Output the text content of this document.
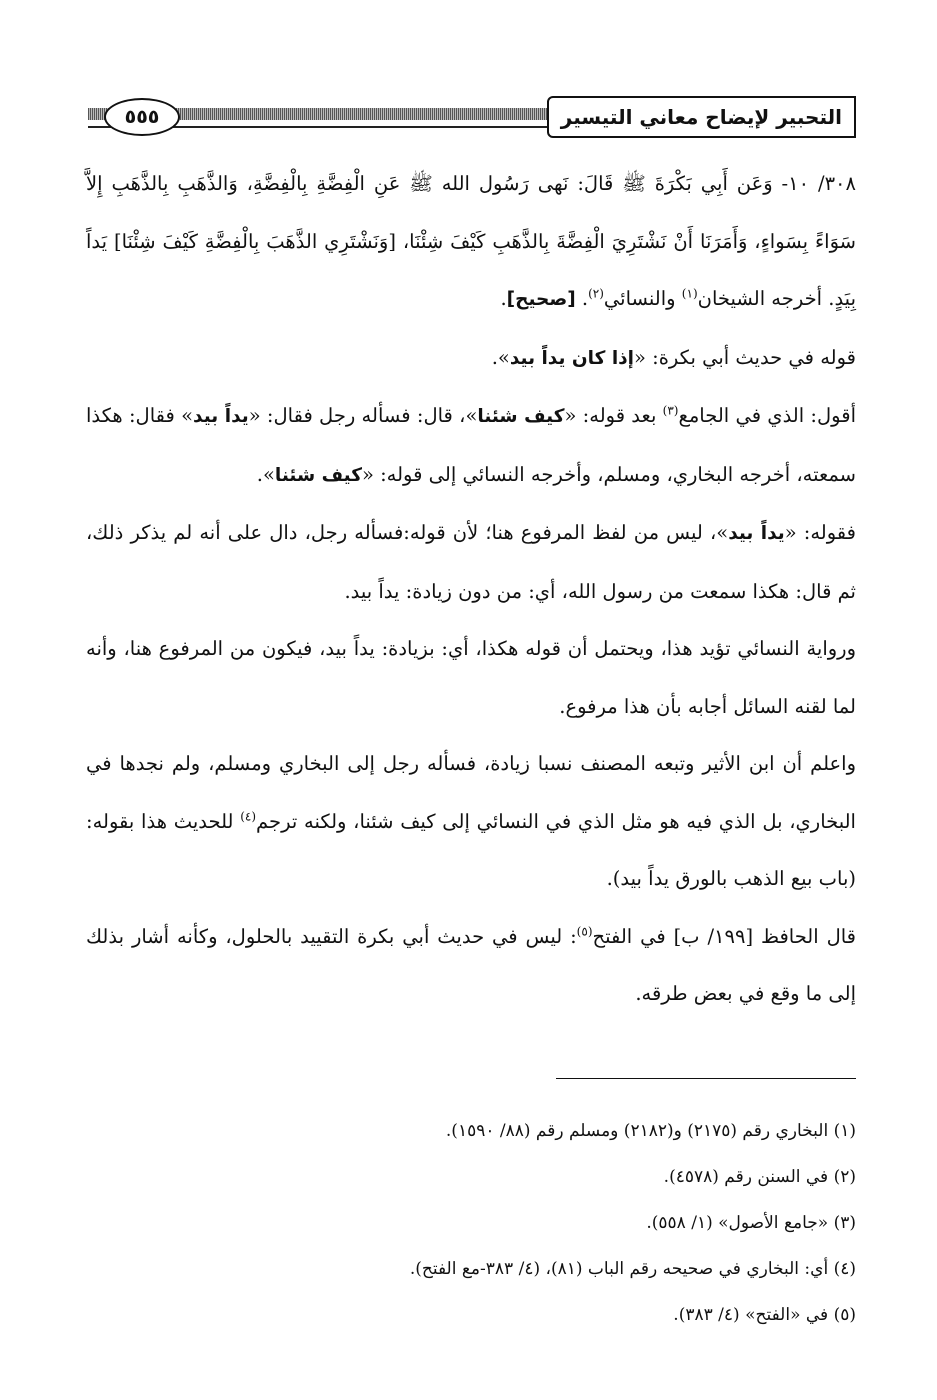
التحبير لإيضاح معاني التيسير
٥٥٥

٣٠٨/ ١٠- وَعَن أَبِي بَكْرَةَ ﷺ قَالَ: نَهى رَسُول الله ﷺ عَنِ الْفِضَّةِ بِالْفِضَّةِ، وَالذَّهَبِ بِالذَّهَبِ إِلاَّ سَوَاءً بِسَواءٍ، وَأَمَرَنَا أَنْ نَشْتَرِيَ الْفِضَّةَ بِالذَّهَبِ كَيْفَ شِئْنَا، [وَنَشْتَرِي الذَّهَبَ بِالْفِضَّةِ كَيْفَ شِئْنَا] يَداً بِيَدٍ. أخرجه الشيخان$^{(١)}$ والنسائي$^{(٢)}$. [صحيح].

قوله في حديث أبي بكرة: «إذا كان يداً بيد».

أقول: الذي في الجامع$^{(٣)}$ بعد قوله: «كيف شئنا»، قال: فسأله رجل فقال: «يداً بيد» فقال: هكذا سمعته، أخرجه البخاري، ومسلم، وأخرجه النسائي إلى قوله: «كيف شئنا».

فقوله: «يداً بيد»، ليس من لفظ المرفوع هنا؛ لأن قوله:فسأله رجل، دال على أنه لم يذكر ذلك، ثم قال: هكذا سمعت من رسول الله، أي: من دون زيادة: يداً بيد.

ورواية النسائي تؤيد هذا، ويحتمل أن قوله هكذا، أي: بزيادة: يداً بيد، فيكون من المرفوع هنا، وأنه لما لقنه السائل أجابه بأن هذا مرفوع.

واعلم أن ابن الأثير وتبعه المصنف نسبا زيادة، فسأله رجل إلى البخاري ومسلم، ولم نجدها في البخاري، بل الذي فيه هو مثل الذي في النسائي إلى كيف شئنا، ولكنه ترجم$^{(٤)}$ للحديث هذا بقوله: (باب بيع الذهب بالورق يداً بيد).

قال الحافظ [١٩٩/ ب] في الفتح$^{(٥)}$: ليس في حديث أبي بكرة التقييد بالحلول، وكأنه أشار بذلك إلى ما وقع في بعض طرقه.

(١) البخاري رقم (٢١٧٥) و(٢١٨٢) ومسلم رقم (٨٨/ ١٥٩٠).
(٢) في السنن رقم (٤٥٧٨).
(٣) «جامع الأصول» (١/ ٥٥٨).
(٤) أي: البخاري في صحيحه رقم الباب (٨١)، (٤/ ٣٨٣-مع الفتح).
(٥) في «الفتح» (٤/ ٣٨٣).
